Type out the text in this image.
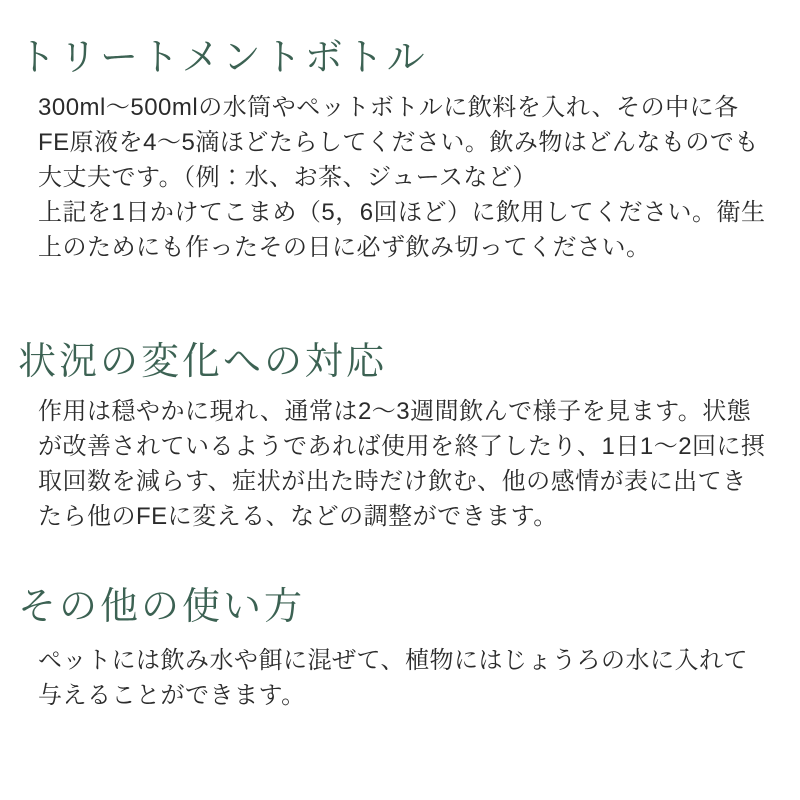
トリートメントボトル

300ml〜500mlの水筒やペットボトルに飲料を入れ、その中に各FE原液を4〜5滴ほどたらしてください。飲み物はどんなものでも大丈夫です。（例：水、お茶、ジュースなど）

上記を1日かけてこまめ（5，6回ほど）に飲用してください。衛生上のためにも作ったその日に必ず飲み切ってください。

状況の変化への対応

作用は穏やかに現れ、通常は2〜3週間飲んで様子を見ます。状態が改善されているようであれば使用を終了したり、1日1〜2回に摂取回数を減らす、症状が出た時だけ飲む、他の感情が表に出てきたら他のFEに変える、などの調整ができます。

その他の使い方

ペットには飲み水や餌に混ぜて、植物にはじょうろの水に入れて与えることができます。
